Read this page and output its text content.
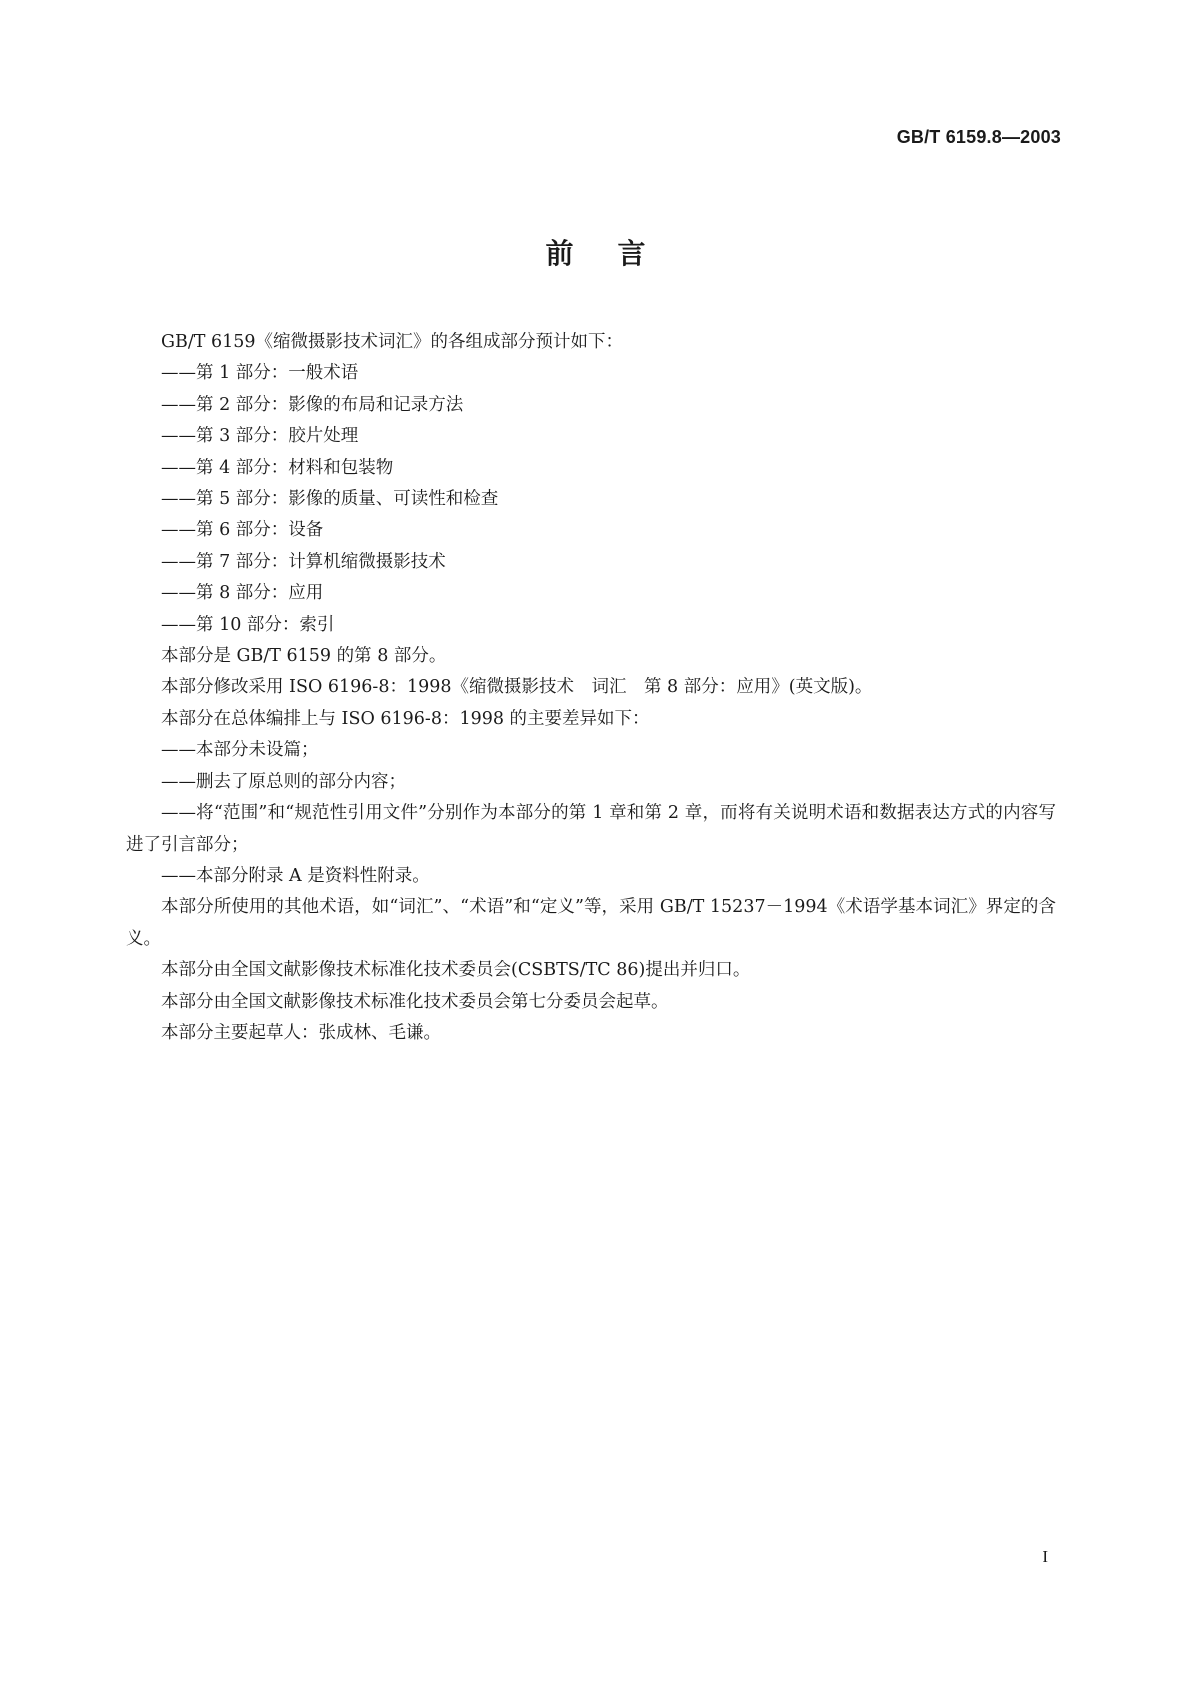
GB/T 6159.8—2003
前言

GB/T 6159《缩微摄影技术词汇》的各组成部分预计如下：

——第 1 部分：一般术语

——第 2 部分：影像的布局和记录方法

——第 3 部分：胶片处理

——第 4 部分：材料和包装物

——第 5 部分：影像的质量、可读性和检查

——第 6 部分：设备

——第 7 部分：计算机缩微摄影技术

——第 8 部分：应用

——第 10 部分：索引

本部分是 GB/T 6159 的第 8 部分。

本部分修改采用 ISO 6196-8：1998《缩微摄影技术　词汇　第 8 部分：应用》(英文版)。

本部分在总体编排上与 ISO 6196-8：1998 的主要差异如下：

——本部分未设篇；

——删去了原总则的部分内容；

——将“范围”和“规范性引用文件”分别作为本部分的第 1 章和第 2 章，而将有关说明术语和数据表达方式的内容写进了引言部分；

——本部分附录 A 是资料性附录。

本部分所使用的其他术语，如“词汇”、“术语”和“定义”等，采用 GB/T 15237－1994《术语学基本词汇》界定的含义。

本部分由全国文献影像技术标准化技术委员会(CSBTS/TC 86)提出并归口。

本部分由全国文献影像技术标准化技术委员会第七分委员会起草。

本部分主要起草人：张成林、毛谦。

I
